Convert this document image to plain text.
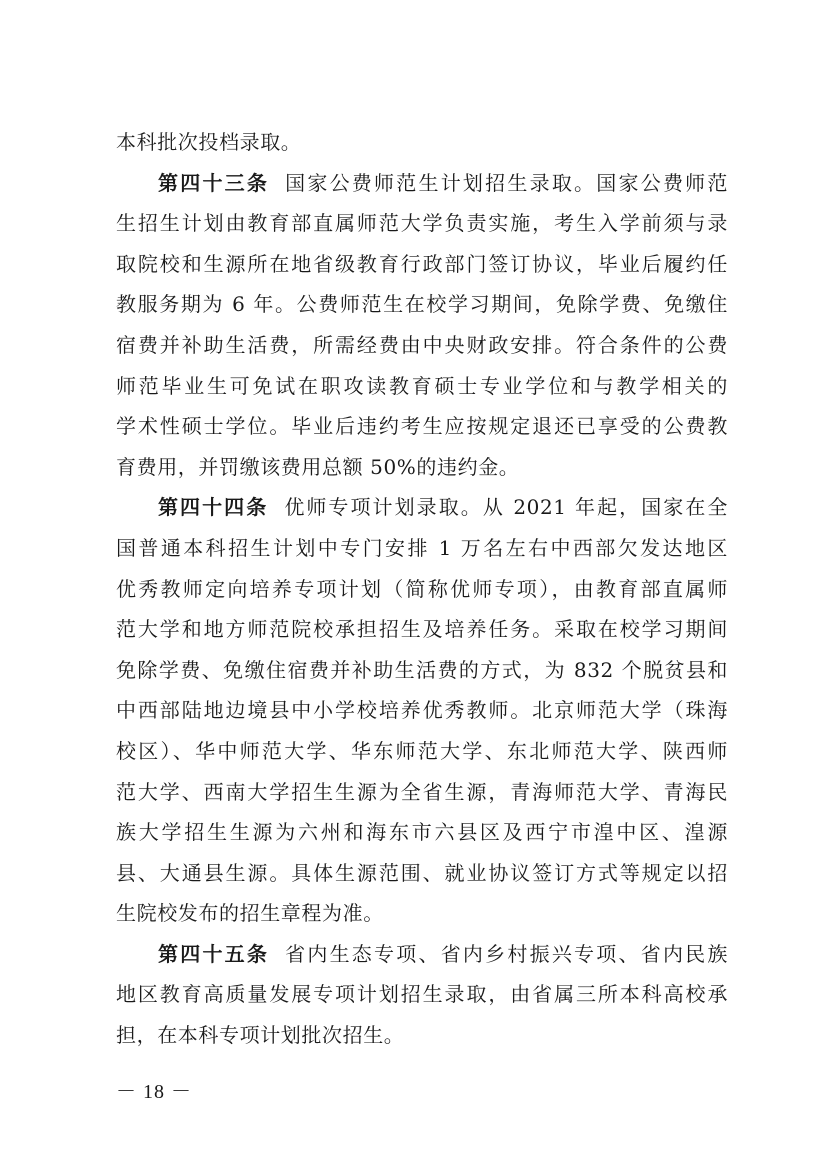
本科批次投档录取。
第四十三条 国家公费师范生计划招生录取。国家公费师范
生招生计划由教育部直属师范大学负责实施，考生入学前须与录
取院校和生源所在地省级教育行政部门签订协议，毕业后履约任
教服务期为 6 年。公费师范生在校学习期间，免除学费、免缴住
宿费并补助生活费，所需经费由中央财政安排。符合条件的公费
师范毕业生可免试在职攻读教育硕士专业学位和与教学相关的
学术性硕士学位。毕业后违约考生应按规定退还已享受的公费教
育费用，并罚缴该费用总额 50%的违约金。
第四十四条 优师专项计划录取。从 2021 年起，国家在全
国普通本科招生计划中专门安排 1 万名左右中西部欠发达地区
优秀教师定向培养专项计划（简称优师专项），由教育部直属师
范大学和地方师范院校承担招生及培养任务。采取在校学习期间
免除学费、免缴住宿费并补助生活费的方式，为 832 个脱贫县和
中西部陆地边境县中小学校培养优秀教师。北京师范大学（珠海
校区）、华中师范大学、华东师范大学、东北师范大学、陕西师
范大学、西南大学招生生源为全省生源，青海师范大学、青海民
族大学招生生源为六州和海东市六县区及西宁市湟中区、湟源
县、大通县生源。具体生源范围、就业协议签订方式等规定以招
生院校发布的招生章程为准。
第四十五条 省内生态专项、省内乡村振兴专项、省内民族
地区教育高质量发展专项计划招生录取，由省属三所本科高校承
担，在本科专项计划批次招生。
－ 18 －
